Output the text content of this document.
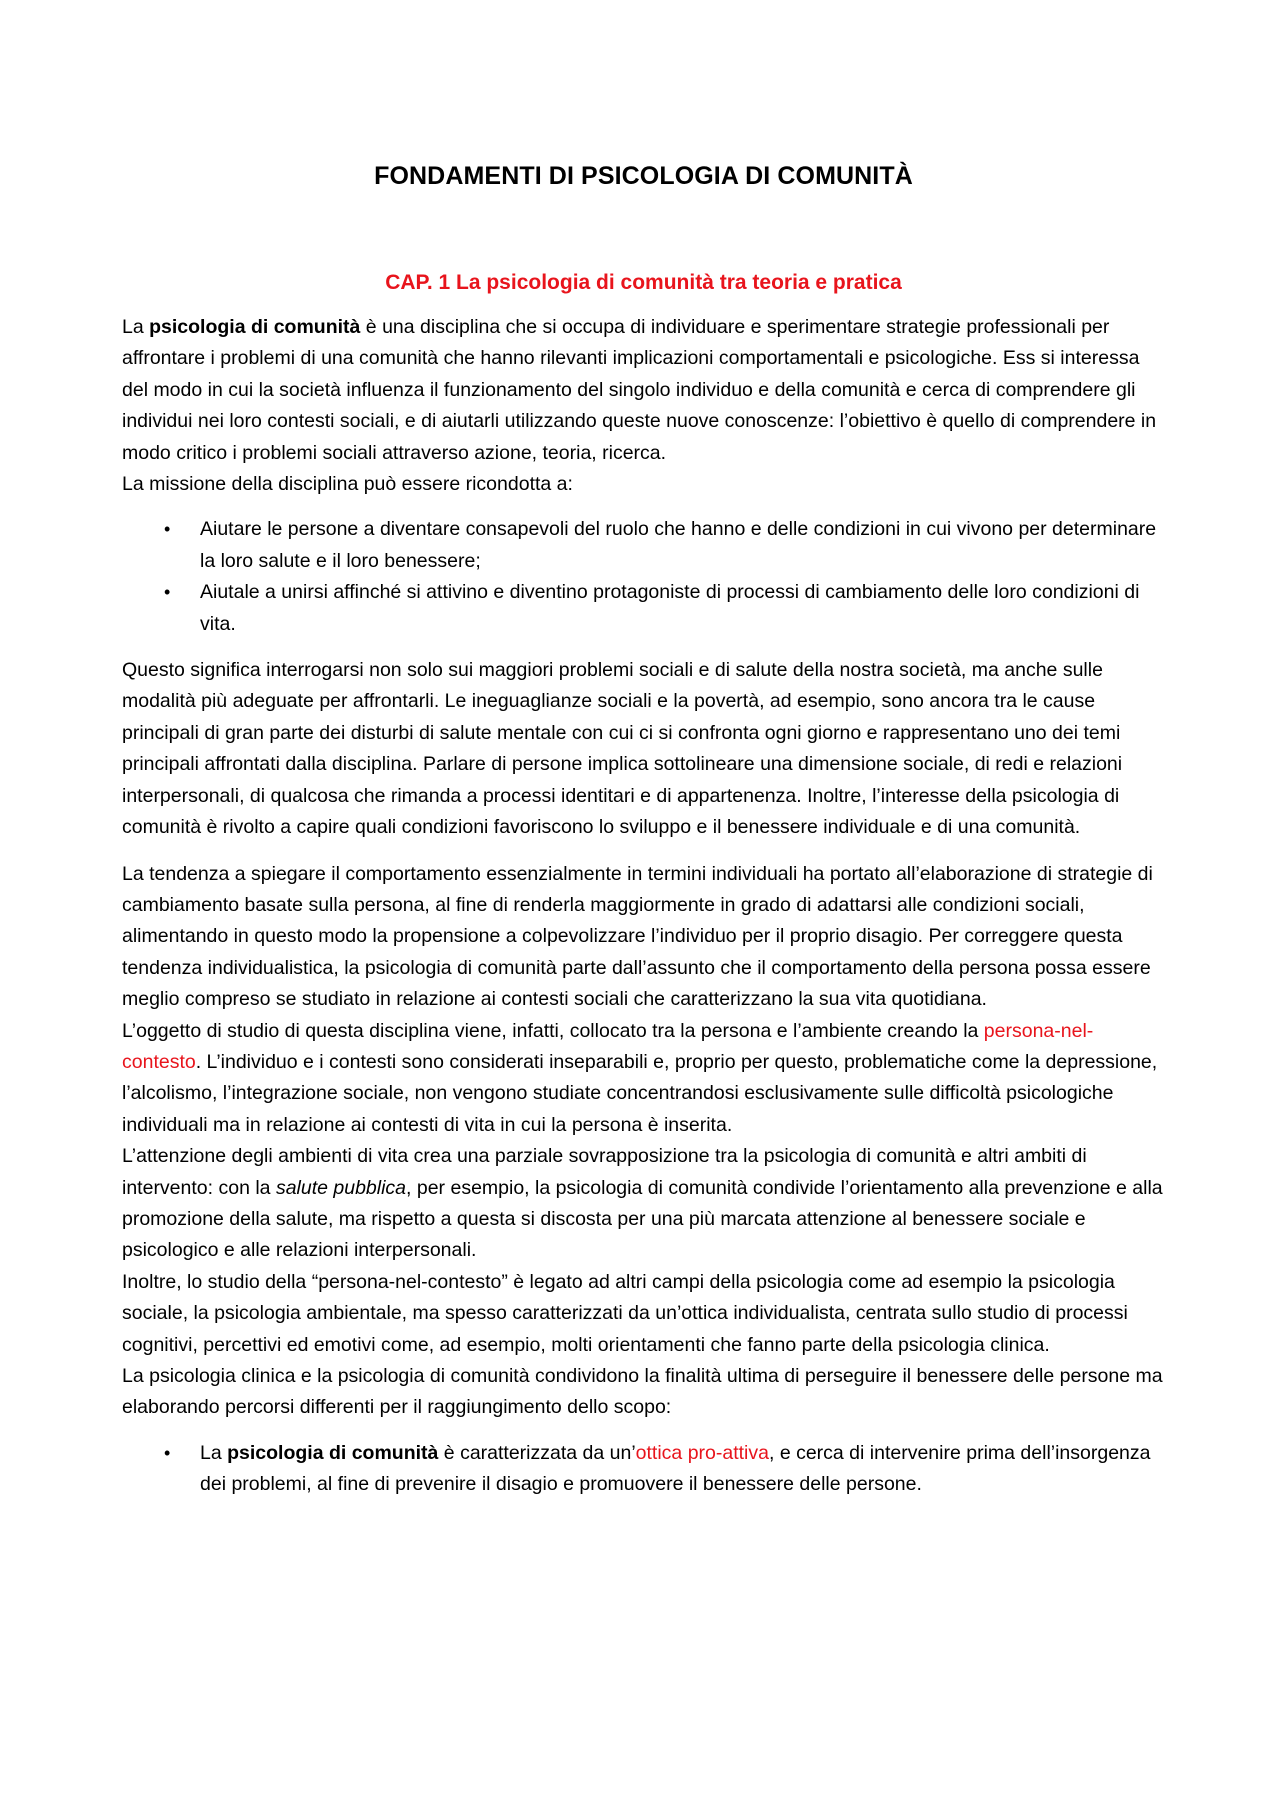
FONDAMENTI DI PSICOLOGIA DI COMUNITÀ
CAP. 1 La psicologia di comunità tra teoria e pratica

La psicologia di comunità è una disciplina che si occupa di individuare e sperimentare strategie professionali per affrontare i problemi di una comunità che hanno rilevanti implicazioni comportamentali e psicologiche. Ess si interessa del modo in cui la società influenza il funzionamento del singolo individuo e della comunità e cerca di comprendere gli individui nei loro contesti sociali, e di aiutarli utilizzando queste nuove conoscenze: l’obiettivo è quello di comprendere in modo critico i problemi sociali attraverso azione, teoria, ricerca.

La missione della disciplina può essere ricondotta a:

• Aiutare le persone a diventare consapevoli del ruolo che hanno e delle condizioni in cui vivono per determinare la loro salute e il loro benessere;
• Aiutale a unirsi affinché si attivino e diventino protagoniste di processi di cambiamento delle loro condizioni di vita.

Questo significa interrogarsi non solo sui maggiori problemi sociali e di salute della nostra società, ma anche sulle modalità più adeguate per affrontarli. Le ineguaglianze sociali e la povertà, ad esempio, sono ancora tra le cause principali di gran parte dei disturbi di salute mentale con cui ci si confronta ogni giorno e rappresentano uno dei temi principali affrontati dalla disciplina. Parlare di persone implica sottolineare una dimensione sociale, di redi e relazioni interpersonali, di qualcosa che rimanda a processi identitari e di appartenenza. Inoltre, l’interesse della psicologia di comunità è rivolto a capire quali condizioni favoriscono lo sviluppo e il benessere individuale e di una comunità.

La tendenza a spiegare il comportamento essenzialmente in termini individuali ha portato all’elaborazione di strategie di cambiamento basate sulla persona, al fine di renderla maggiormente in grado di adattarsi alle condizioni sociali, alimentando in questo modo la propensione a colpevolizzare l’individuo per il proprio disagio. Per correggere questa tendenza individualistica, la psicologia di comunità parte dall’assunto che il comportamento della persona possa essere meglio compreso se studiato in relazione ai contesti sociali che caratterizzano la sua vita quotidiana.

L’oggetto di studio di questa disciplina viene, infatti, collocato tra la persona e l’ambiente creando la persona-nel-contesto. L’individuo e i contesti sono considerati inseparabili e, proprio per questo, problematiche come la depressione, l’alcolismo, l’integrazione sociale, non vengono studiate concentrandosi esclusivamente sulle difficoltà psicologiche individuali ma in relazione ai contesti di vita in cui la persona è inserita.

L’attenzione degli ambienti di vita crea una parziale sovrapposizione tra la psicologia di comunità e altri ambiti di intervento: con la salute pubblica, per esempio, la psicologia di comunità condivide l’orientamento alla prevenzione e alla promozione della salute, ma rispetto a questa si discosta per una più marcata attenzione al benessere sociale e psicologico e alle relazioni interpersonali.

Inoltre, lo studio della “persona-nel-contesto” è legato ad altri campi della psicologia come ad esempio la psicologia sociale, la psicologia ambientale, ma spesso caratterizzati da un’ottica individualista, centrata sullo studio di processi cognitivi, percettivi ed emotivi come, ad esempio, molti orientamenti che fanno parte della psicologia clinica.

La psicologia clinica e la psicologia di comunità condividono la finalità ultima di perseguire il benessere delle persone ma elaborando percorsi differenti per il raggiungimento dello scopo:

• La psicologia di comunità è caratterizzata da un’ottica pro-attiva, e cerca di intervenire prima dell’insorgenza dei problemi, al fine di prevenire il disagio e promuovere il benessere delle persone.
